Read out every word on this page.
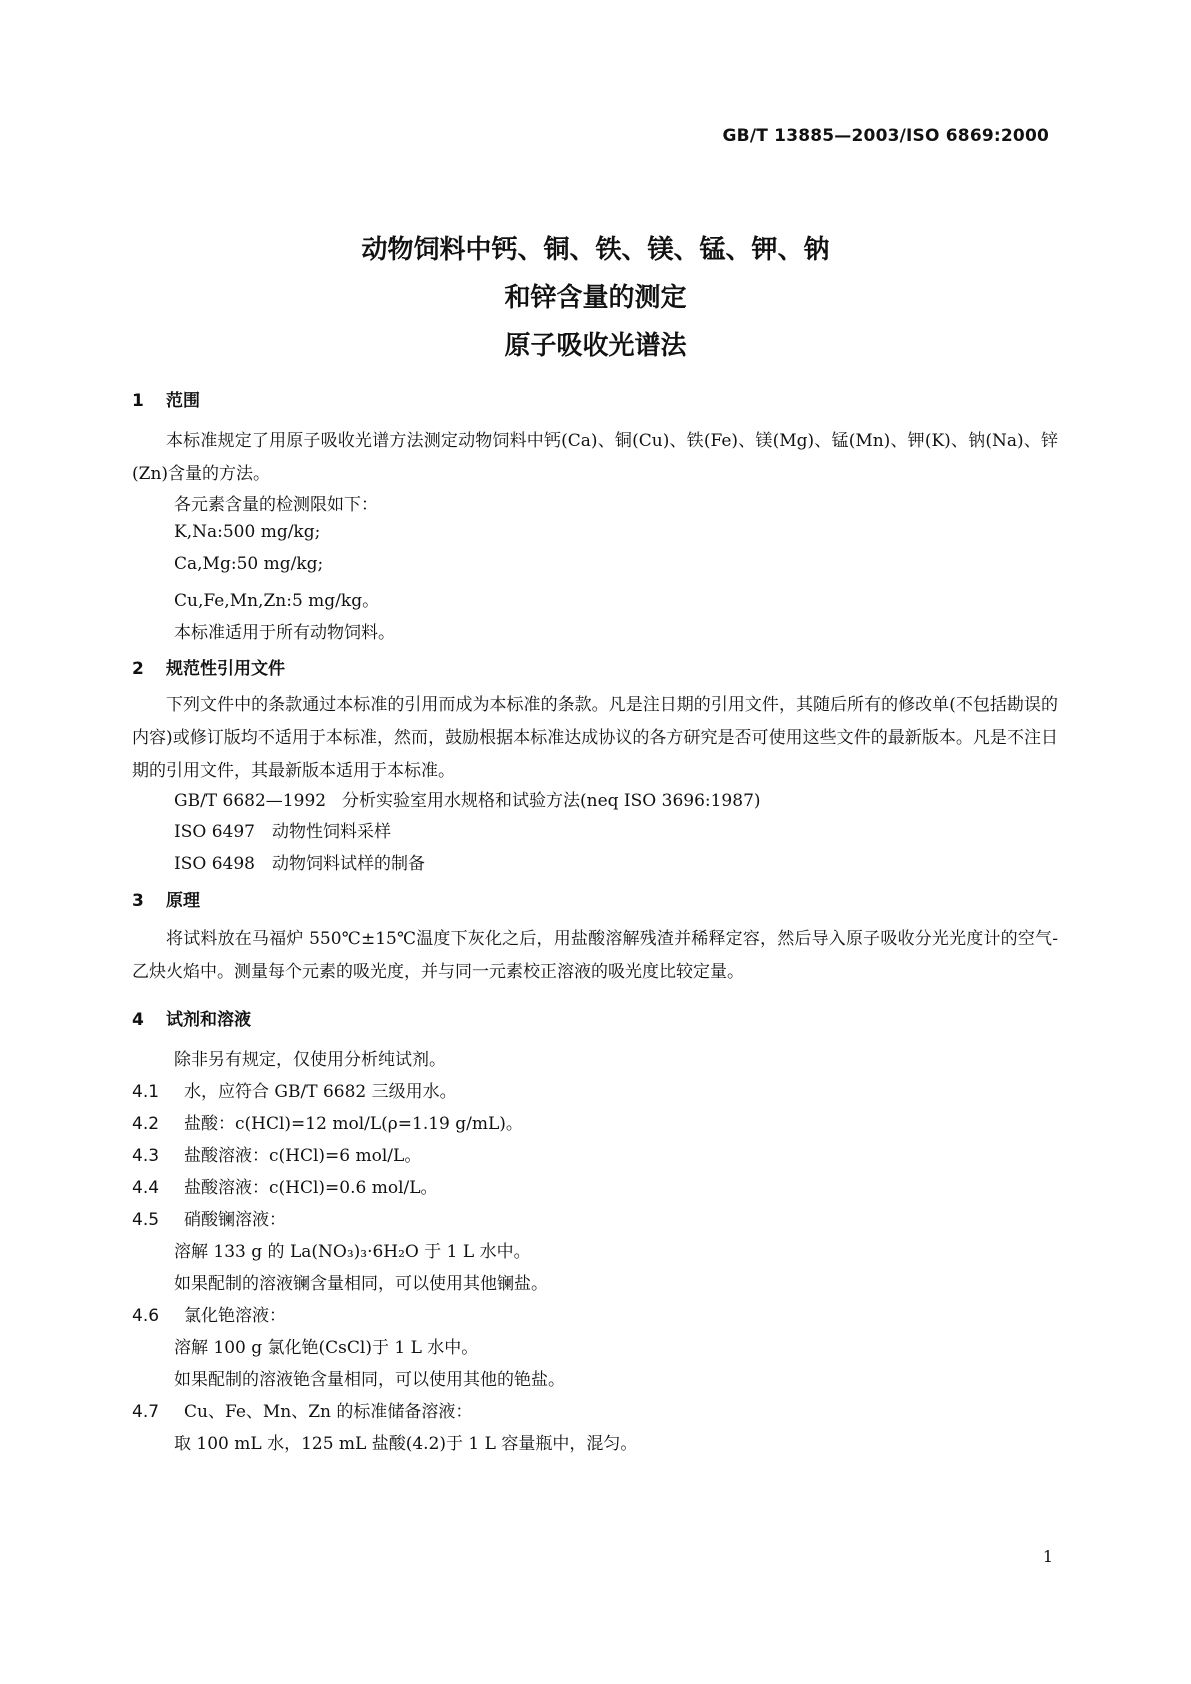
GB/T 13885—2003/ISO 6869:2000
动物饲料中钙、铜、铁、镁、锰、钾、钠
和锌含量的测定
原子吸收光谱法
1 范围
本标准规定了用原子吸收光谱方法测定动物饲料中钙(Ca)、铜(Cu)、铁(Fe)、镁(Mg)、锰(Mn)、钾(K)、钠(Na)、锌(Zn)含量的方法。
各元素含量的检测限如下：
K,Na:500 mg/kg;
Ca,Mg:50 mg/kg;
Cu,Fe,Mn,Zn:5 mg/kg。
本标准适用于所有动物饲料。
2 规范性引用文件
下列文件中的条款通过本标准的引用而成为本标准的条款。凡是注日期的引用文件，其随后所有的修改单(不包括勘误的内容)或修订版均不适用于本标准，然而，鼓励根据本标准达成协议的各方研究是否可使用这些文件的最新版本。凡是不注日期的引用文件，其最新版本适用于本标准。
GB/T 6682—1992 分析实验室用水规格和试验方法(neq ISO 3696:1987)
ISO 6497 动物性饲料采样
ISO 6498 动物饲料试样的制备
3 原理
将试料放在马福炉 550℃±15℃温度下灰化之后，用盐酸溶解残渣并稀释定容，然后导入原子吸收分光光度计的空气-乙炔火焰中。测量每个元素的吸光度，并与同一元素校正溶液的吸光度比较定量。
4 试剂和溶液
除非另有规定，仅使用分析纯试剂。
4.1 水，应符合 GB/T 6682 三级用水。
4.2 盐酸：c(HCl)=12 mol/L(ρ=1.19 g/mL)。
4.3 盐酸溶液：c(HCl)=6 mol/L。
4.4 盐酸溶液：c(HCl)=0.6 mol/L。
4.5 硝酸镧溶液：
溶解 133 g 的 La(NO₃)₃·6H₂O 于 1 L 水中。
如果配制的溶液镧含量相同，可以使用其他镧盐。
4.6 氯化铯溶液：
溶解 100 g 氯化铯(CsCl)于 1 L 水中。
如果配制的溶液铯含量相同，可以使用其他的铯盐。
4.7 Cu、Fe、Mn、Zn 的标准储备溶液：
取 100 mL 水，125 mL 盐酸(4.2)于 1 L 容量瓶中，混匀。
1
